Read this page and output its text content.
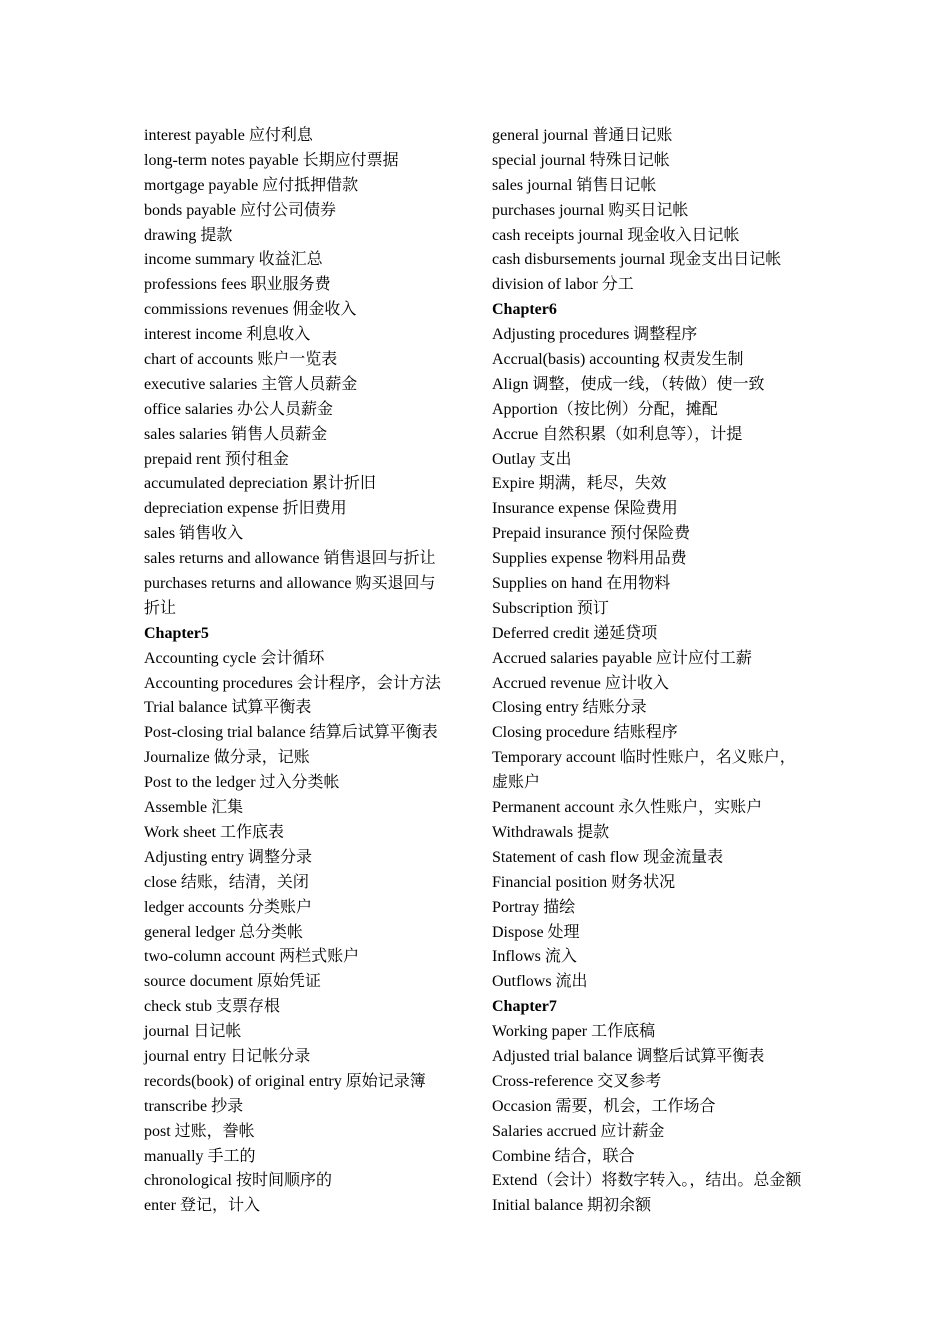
interest payable 应付利息
long-term notes payable 长期应付票据
mortgage payable 应付抵押借款
bonds payable 应付公司债券
drawing 提款
income summary 收益汇总
professions fees 职业服务费
commissions revenues 佣金收入
interest income 利息收入
chart of accounts 账户一览表
executive salaries 主管人员薪金
office salaries 办公人员薪金
sales salaries 销售人员薪金
prepaid rent 预付租金
accumulated depreciation 累计折旧
depreciation expense 折旧费用
sales 销售收入
sales returns and allowance 销售退回与折让
purchases returns and allowance 购买退回与
折让
Chapter5
Accounting cycle 会计循环
Accounting procedures 会计程序，会计方法
Trial balance 试算平衡表
Post-closing trial balance 结算后试算平衡表
Journalize 做分录，记账
Post to the ledger 过入分类帐
Assemble 汇集
Work sheet 工作底表
Adjusting entry 调整分录
close 结账，结清，关闭
ledger accounts 分类账户
general ledger 总分类帐
two-column account 两栏式账户
source document 原始凭证
check stub 支票存根
journal 日记帐
journal entry 日记帐分录
records(book) of original entry 原始记录簿
transcribe 抄录
post 过账，誊帐
manually 手工的
chronological 按时间顺序的
enter 登记，计入
general journal 普通日记账
special journal 特殊日记帐
sales journal 销售日记帐
purchases journal 购买日记帐
cash receipts journal 现金收入日记帐
cash disbursements journal 现金支出日记帐
division of labor 分工
Chapter6
Adjusting procedures 调整程序
Accrual(basis) accounting 权责发生制
Align 调整，使成一线，（转做）使一致
Apportion（按比例）分配，摊配
Accrue 自然积累（如利息等），计提
Outlay 支出
Expire 期满，耗尽，失效
Insurance expense 保险费用
Prepaid insurance 预付保险费
Supplies expense 物料用品费
Supplies on hand 在用物料
Subscription 预订
Deferred credit 递延贷项
Accrued salaries payable 应计应付工薪
Accrued revenue 应计收入
Closing entry 结账分录
Closing procedure 结账程序
Temporary account 临时性账户，名义账户，
虚账户
Permanent account 永久性账户，实账户
Withdrawals 提款
Statement of cash flow 现金流量表
Financial position 财务状况
Portray 描绘
Dispose 处理
Inflows 流入
Outflows 流出
Chapter7
Working paper 工作底稿
Adjusted trial balance 调整后试算平衡表
Cross-reference 交叉参考
Occasion 需要，机会，工作场合
Salaries accrued 应计薪金
Combine 结合，联合
Extend（会计）将数字转入。，结出。总金额
Initial balance 期初余额
